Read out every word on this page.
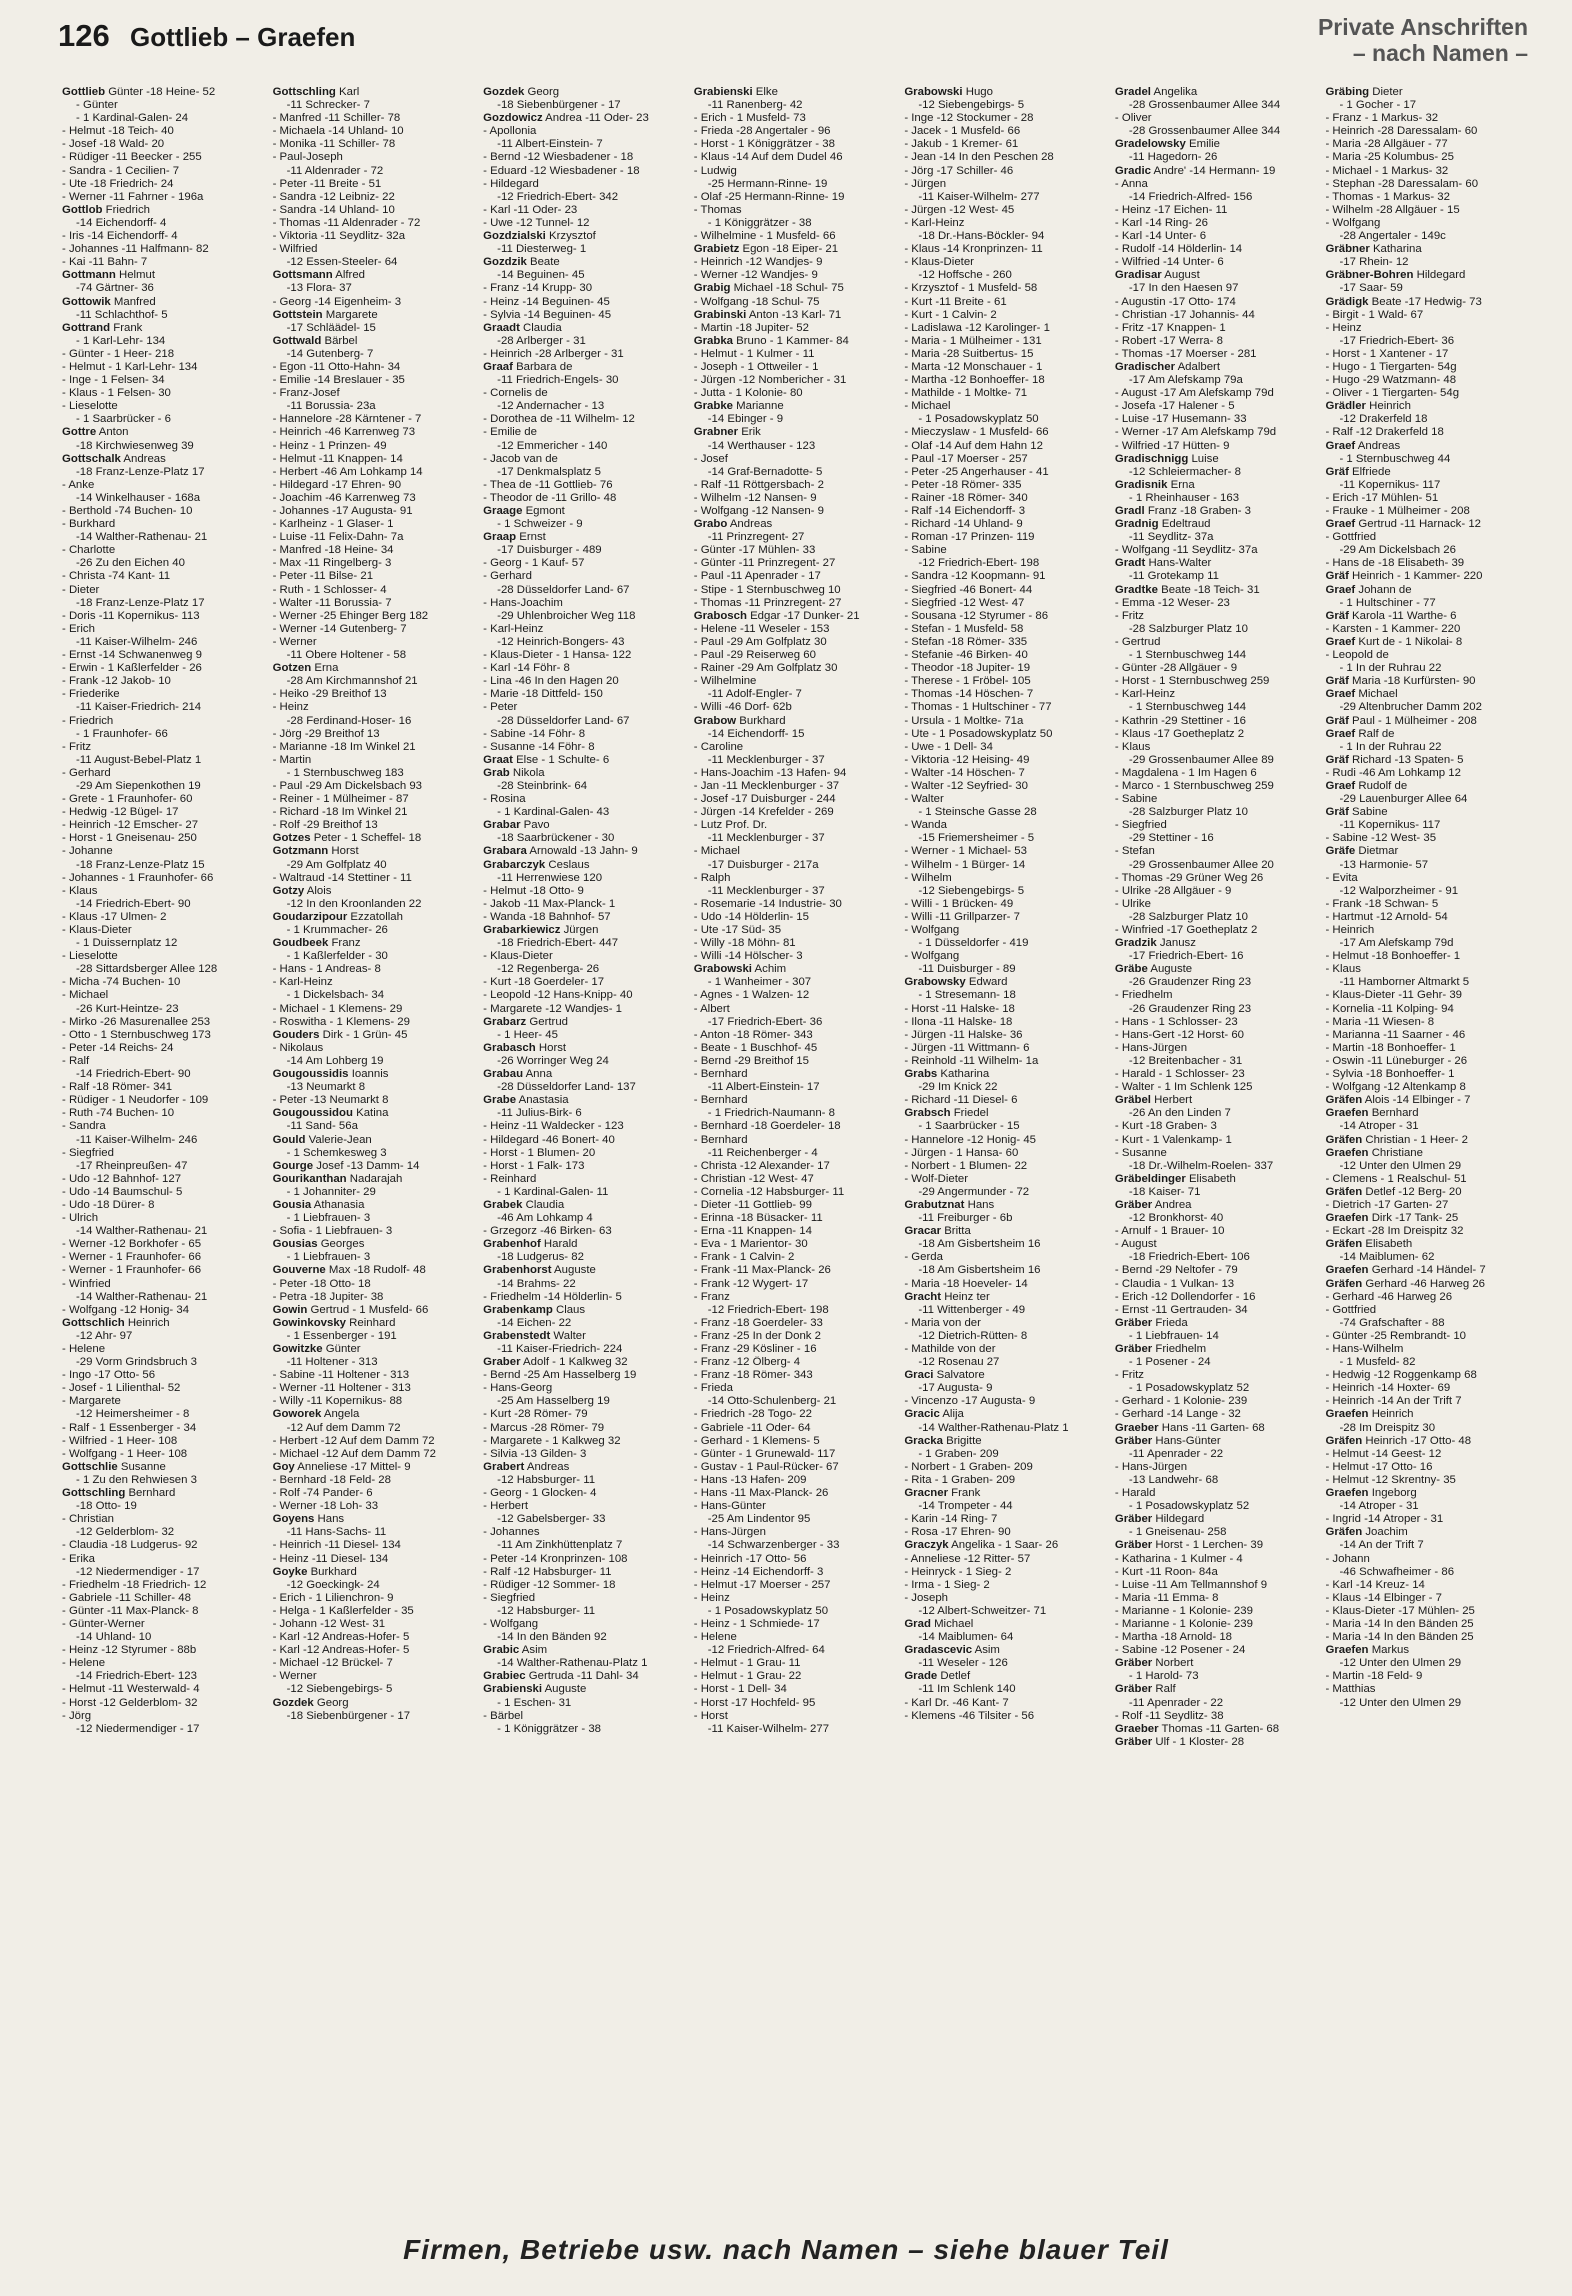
126 Gottlieb – Graefen	Private Anschriften
– nach Namen –
Gottlieb Günter -18 Heine- 52
- Günter
- 1 Kardinal-Galen- 24
- Helmut -18 Teich- 40
- Josef -18 Wald- 20
- Rüdiger -11 Beecker - 255
- Sandra - 1 Cecilien- 7
- Ute -18 Friedrich- 24
- Werner -11 Fahrner - 196a
Gottlob Friedrich
-14 Eichendorff- 4
- Iris -14 Eichendorff- 4
- Johannes -11 Halfmann- 82
- Kai -11 Bahn- 7
Gottmann Helmut
-74 Gärtner- 36
Gottowik Manfred
-11 Schlachthof- 5
Gottrand Frank
- 1 Karl-Lehr- 134
- Günter - 1 Heer- 218
- Helmut - 1 Karl-Lehr- 134
- Inge - 1 Felsen- 34
- Klaus - 1 Felsen- 30
- Lieselotte
- 1 Saarbrücker - 6
Gottre Anton
-18 Kirchwiesenweg 39
Gottschalk Andreas
-18 Franz-Lenze-Platz 17
- Anke
-14 Winkelhauser - 168a
- Berthold -74 Buchen- 10
- Burkhard
-14 Walther-Rathenau- 21
- Charlotte
-26 Zu den Eichen 40
- Christa -74 Kant- 11
- Dieter
-18 Franz-Lenze-Platz 17
- Doris -11 Kopernikus- 113
- Erich
-11 Kaiser-Wilhelm- 246
- Ernst -14 Schwanenweg 9
- Erwin - 1 Kaßlerfelder - 26
- Frank -12 Jakob- 10
- Friederike
-11 Kaiser-Friedrich- 214
- Friedrich
- 1 Fraunhofer- 66
- Fritz
-11 August-Bebel-Platz 1
- Gerhard
-29 Am Siepenkothen 19
- Grete - 1 Fraunhofer- 60
- Hedwig -12 Bügel- 17
- Heinrich -12 Emscher- 27
- Horst - 1 Gneisenau- 250
- Johanne
-18 Franz-Lenze-Platz 15
- Johannes - 1 Fraunhofer- 66
- Klaus
-14 Friedrich-Ebert- 90
- Klaus -17 Ulmen- 2
- Klaus-Dieter
- 1 Duissernplatz 12
- Lieselotte
-28 Sittardsberger Allee 128
- Micha -74 Buchen- 10
- Michael
-26 Kurt-Heintze- 23
- Mirko -26 Masurenallee 253
- Otto - 1 Sternbuschweg 173
- Peter -14 Reichs- 24
- Ralf
-14 Friedrich-Ebert- 90
- Ralf -18 Römer- 341
- Rüdiger - 1 Neudorfer - 109
- Ruth -74 Buchen- 10
- Sandra
-11 Kaiser-Wilhelm- 246
- Siegfried
-17 Rheinpreußen- 47
- Udo -12 Bahnhof- 127
- Udo -14 Baumschul- 5
- Udo -18 Dürer- 8
- Ulrich
-14 Walther-Rathenau- 21
- Werner -12 Borkhofer - 65
- Werner - 1 Fraunhofer- 66
- Werner - 1 Fraunhofer- 66
- Winfried
-14 Walther-Rathenau- 21
- Wolfgang -12 Honig- 34
Gottschlich Heinrich
-12 Ahr- 97
- Helene
-29 Vorm Grindsbruch 3
- Ingo -17 Otto- 56
- Josef - 1 Lilienthal- 52
- Margarete
-12 Heimersheimer - 8
- Ralf - 1 Essenberger - 34
- Wilfried - 1 Heer- 108
- Wolfgang - 1 Heer- 108
Gottschlie Susanne
- 1 Zu den Rehwiesen 3
Gottschling Bernhard
-18 Otto- 19
- Christian
-12 Gelderblom- 32
- Claudia -18 Ludgerus- 92
- Erika
-12 Niedermendiger - 17
- Friedhelm -18 Friedrich- 12
- Gabriele -11 Schiller- 48
- Günter -11 Max-Planck- 8
- Günter-Werner
-14 Uhland- 10
- Heinz -12 Styrumer - 88b
- Helene
-14 Friedrich-Ebert- 123
- Helmut -11 Westerwald- 4
- Horst -12 Gelderblom- 32
- Jörg
-12 Niedermendiger - 17
Gottschling Karl
-11 Schrecker- 7
- Manfred -11 Schiller- 78
- Michaela -14 Uhland- 10
- Monika -11 Schiller- 78
- Paul-Joseph
-11 Aldenrader - 72
- Peter -11 Breite - 51
- Sandra -12 Leibniz- 22
- Sandra -14 Uhland- 10
- Thomas -11 Aldenrader - 72
- Viktoria -11 Seydlitz- 32a
- Wilfried
-12 Essen-Steeler- 64
Gottsmann Alfred
-13 Flora- 37
- Georg -14 Eigenheim- 3
Gottstein Margarete
-17 Schläädel- 15
Gottwald Bärbel
-14 Gutenberg- 7
- Egon -11 Otto-Hahn- 34
- Emilie -14 Breslauer - 35
- Franz-Josef
-11 Borussia- 23a
- Hannelore -28 Kärntener - 7
- Heinrich -46 Karrenweg 73
- Heinz - 1 Prinzen- 49
- Helmut -11 Knappen- 14
- Herbert -46 Am Lohkamp 14
- Hildegard -17 Ehren- 90
- Joachim -46 Karrenweg 73
- Johannes -17 Augusta- 91
- Karlheinz - 1 Glaser- 1
- Luise -11 Felix-Dahn- 7a
- Manfred -18 Heine- 34
- Max -11 Ringelberg- 3
- Peter -11 Bilse- 21
- Ruth - 1 Schlosser- 4
- Walter -11 Borussia- 7
- Werner -25 Ehinger Berg 182
- Werner -14 Gutenberg- 7
- Werner
-11 Obere Holtener - 58
Gotzen Erna
-28 Am Kirchmannshof 21
- Heiko -29 Breithof 13
- Heinz
-28 Ferdinand-Hoser- 16
- Jörg -29 Breithof 13
- Marianne -18 Im Winkel 21
- Martin
- 1 Sternbuschweg 183
- Paul -29 Am Dickelsbach 93
- Reiner - 1 Mülheimer - 87
- Richard -18 Im Winkel 21
- Rolf -29 Breithof 13
Gotzes Peter - 1 Scheffel- 18
Gotzmann Horst
-29 Am Golfplatz 40
- Waltraud -14 Stettiner - 11
Gotzy Alois
-12 In den Kroonlanden 22
Goudarzipour Ezzatollah
- 1 Krummacher- 26
Goudbeek Franz
- 1 Kaßlerfelder - 30
- Hans - 1 Andreas- 8
- Karl-Heinz
- 1 Dickelsbach- 34
- Michael - 1 Klemens- 29
- Roswitha - 1 Klemens- 29
Gouders Dirk - 1 Grün- 45
- Nikolaus
-14 Am Lohberg 19
Gougoussidis Ioannis
-13 Neumarkt 8
- Peter -13 Neumarkt 8
Gougoussidou Katina
-11 Sand- 56a
Gould Valerie-Jean
- 1 Schemkesweg 3
Gourge Josef -13 Damm- 14
Gourikanthan Nadarajah
- 1 Johanniter- 29
Gousia Athanasia
- 1 Liebfrauen- 3
- Sofia - 1 Liebfrauen- 3
Gousias Georges
- 1 Liebfrauen- 3
Gouverne Max -18 Rudolf- 48
- Peter -18 Otto- 18
- Petra -18 Jupiter- 38
Gowin Gertrud - 1 Musfeld- 66
Gowinkovsky Reinhard
- 1 Essenberger - 191
Gowitzke Günter
-11 Holtener - 313
- Sabine -11 Holtener - 313
- Werner -11 Holtener - 313
- Willy -11 Kopernikus- 88
Goworek Angela
-12 Auf dem Damm 72
- Herbert -12 Auf dem Damm 72
- Michael -12 Auf dem Damm 72
Goy Anneliese -17 Mittel- 9
- Bernhard -18 Feld- 28
- Rolf -74 Pander- 6
- Werner -18 Loh- 33
Goyens Hans
-11 Hans-Sachs- 11
- Heinrich -11 Diesel- 134
- Heinz -11 Diesel- 134
Goyke Burkhard
-12 Goeckingk- 24
- Erich - 1 Lilienchron- 9
- Helga - 1 Kaßlerfelder - 35
- Johann -12 West- 31
- Karl -12 Andreas-Hofer- 5
- Karl -12 Andreas-Hofer- 5
- Michael -12 Brückel- 7
- Werner
-12 Siebengebirgs- 5
Gozdek Georg
-18 Siebenbürgener - 17
Gozdek Georg
-18 Siebenbürgener - 17
Gozdowicz Andrea -11 Oder- 23
- Apollonia
-11 Albert-Einstein- 7
- Bernd -12 Wiesbadener - 18
- Eduard -12 Wiesbadener - 18
- Hildegard
-12 Friedrich-Ebert- 342
- Karl -11 Oder- 23
- Uwe -12 Tunnel- 12
Gozdzialski Krzysztof
-11 Diesterweg- 1
Gozdzik Beate
-14 Beguinen- 45
- Franz -14 Krupp- 30
- Heinz -14 Beguinen- 45
- Sylvia -14 Beguinen- 45
Graadt Claudia
-28 Arlberger - 31
- Heinrich -28 Arlberger - 31
Graaf Barbara de
-11 Friedrich-Engels- 30
- Cornelis de
-12 Andernacher - 13
- Dorothea de -11 Wilhelm- 12
- Emilie de
-12 Emmericher - 140
- Jacob van de
-17 Denkmalsplatz 5
- Thea de -11 Gottlieb- 76
- Theodor de -11 Grillo- 48
Graage Egmont
- 1 Schweizer - 9
Graap Ernst
-17 Duisburger - 489
- Georg - 1 Kauf- 57
- Gerhard
-28 Düsseldorfer Land- 67
- Hans-Joachim
-29 Uhlenbroicher Weg 118
- Karl-Heinz
-12 Heinrich-Bongers- 43
- Klaus-Dieter - 1 Hansa- 122
- Karl -14 Föhr- 8
- Lina -46 In den Hagen 20
- Marie -18 Dittfeld- 150
- Peter
-28 Düsseldorfer Land- 67
- Sabine -14 Föhr- 8
- Susanne -14 Föhr- 8
Graat Else - 1 Schulte- 6
Grab Nikola
-28 Steinbrink- 64
- Rosina
- 1 Kardinal-Galen- 43
Grabar Pavo
-18 Saarbrückener - 30
Grabara Arnowald -13 Jahn- 9
Grabarczyk Ceslaus
-11 Herrenwiese 120
- Helmut -18 Otto- 9
- Jakob -11 Max-Planck- 1
- Wanda -18 Bahnhof- 57
Grabarkiewicz Jürgen
-18 Friedrich-Ebert- 447
- Klaus-Dieter
-12 Regenberga- 26
- Kurt -18 Goerdeler- 17
- Leopold -12 Hans-Knipp- 40
- Margarete -12 Wandjes- 1
Grabarz Gertrud
- 1 Heer- 45
Grabasch Horst
-26 Worringer Weg 24
Grabau Anna
-28 Düsseldorfer Land- 137
Grabe Anastasia
-11 Julius-Birk- 6
- Heinz -11 Waldecker - 123
- Hildegard -46 Bonert- 40
- Horst - 1 Blumen- 20
- Horst - 1 Falk- 173
- Reinhard
- 1 Kardinal-Galen- 11
Grabek Claudia
-46 Am Lohkamp 4
- Grzegorz -46 Birken- 63
Grabenhof Harald
-18 Ludgerus- 82
Grabenhorst Auguste
-14 Brahms- 22
- Friedhelm -14 Hölderlin- 5
Grabenkamp Claus
-14 Eichen- 22
Grabenstedt Walter
-11 Kaiser-Friedrich- 224
Graber Adolf - 1 Kalkweg 32
- Bernd -25 Am Hasselberg 19
- Hans-Georg
-25 Am Hasselberg 19
- Kurt -28 Römer- 79
- Marcus -28 Römer- 79
- Margarete - 1 Kalkweg 32
- Silvia -13 Gilden- 3
Grabert Andreas
-12 Habsburger- 11
- Georg - 1 Glocken- 4
- Herbert
-12 Gabelsberger- 33
- Johannes
-11 Am Zinkhüttenplatz 7
- Peter -14 Kronprinzen- 108
- Ralf -12 Habsburger- 11
- Rüdiger -12 Sommer- 18
- Siegfried
-12 Habsburger- 11
- Wolfgang
-14 In den Bänden 92
Grabic Asim
-14 Walther-Rathenau-Platz 1
Grabiec Gertruda -11 Dahl- 34
Grabienski Auguste
- 1 Eschen- 31
- Bärbel
- 1 Königgrätzer - 38
Grabienski Elke
-11 Ranenberg- 42
- Erich - 1 Musfeld- 73
- Frieda -28 Angertaler - 96
- Horst - 1 Königgrätzer - 38
- Klaus -14 Auf dem Dudel 46
- Ludwig
-25 Hermann-Rinne- 19
- Olaf -25 Hermann-Rinne- 19
- Thomas
- 1 Königgrätzer - 38
- Wilhelmine - 1 Musfeld- 66
Grabietz Egon -18 Eiper- 21
- Heinrich -12 Wandjes- 9
- Werner -12 Wandjes- 9
Grabig Michael -18 Schul- 75
- Wolfgang -18 Schul- 75
Grabinski Anton -13 Karl- 71
- Martin -18 Jupiter- 52
Grabka Bruno - 1 Kammer- 84
- Helmut - 1 Kulmer - 11
- Joseph - 1 Ottweiler - 1
- Jürgen -12 Nombericher - 31
- Jutta - 1 Kolonie- 80
Grabke Marianne
-14 Ebinger - 9
Grabner Erik
-14 Werthauser - 123
- Josef
-14 Graf-Bernadotte- 5
- Ralf -11 Röttgersbach- 2
- Wilhelm -12 Nansen- 9
- Wolfgang -12 Nansen- 9
Grabo Andreas
-11 Prinzregent- 27
- Günter -17 Mühlen- 33
- Günter -11 Prinzregent- 27
- Paul -11 Apenrader - 17
- Stipe - 1 Sternbuschweg 10
- Thomas -11 Prinzregent- 27
Grabosch Edgar -17 Dunker- 21
- Helene -11 Weseler - 153
- Paul -29 Am Golfplatz 30
- Paul -29 Reiserweg 60
- Rainer -29 Am Golfplatz 30
- Wilhelmine
-11 Adolf-Engler- 7
- Willi -46 Dorf- 62b
Grabow Burkhard
-14 Eichendorff- 15
- Caroline
-11 Mecklenburger - 37
- Hans-Joachim -13 Hafen- 94
- Jan -11 Mecklenburger - 37
- Josef -17 Duisburger - 244
- Jürgen -14 Krefelder - 269
- Lutz Prof. Dr.
-11 Mecklenburger - 37
- Michael
-17 Duisburger - 217a
- Ralph
-11 Mecklenburger - 37
- Rosemarie -14 Industrie- 30
- Udo -14 Hölderlin- 15
- Ute -17 Süd- 35
- Willy -18 Möhn- 81
- Willi -14 Hölscher- 3
Grabowski Achim
- 1 Wanheimer - 307
- Agnes - 1 Walzen- 12
- Albert
-17 Friedrich-Ebert- 36
- Anton -18 Römer- 343
- Beate - 1 Buschhof- 45
- Bernd -29 Breithof 15
- Bernhard
-11 Albert-Einstein- 17
- Bernhard
- 1 Friedrich-Naumann- 8
- Bernhard -18 Goerdeler- 18
- Bernhard
-11 Reichenberger - 4
- Christa -12 Alexander- 17
- Christian -12 West- 47
- Cornelia -12 Habsburger- 11
- Dieter -11 Gottlieb- 99
- Erinna -18 Büsacker- 11
- Erna -11 Knappen- 14
- Eva - 1 Marientor- 30
- Frank - 1 Calvin- 2
- Frank -11 Max-Planck- 26
- Frank -12 Wygert- 17
- Franz
-12 Friedrich-Ebert- 198
- Franz -18 Goerdeler- 33
- Franz -25 In der Donk 2
- Franz -29 Kösliner - 16
- Franz -12 Ölberg- 4
- Franz -18 Römer- 343
- Frieda
-14 Otto-Schulenberg- 21
- Friedrich -28 Togo- 22
- Gabriele -11 Oder- 64
- Gerhard - 1 Klemens- 5
- Günter - 1 Grunewald- 117
- Gustav - 1 Paul-Rücker- 67
- Hans -13 Hafen- 209
- Hans -11 Max-Planck- 26
- Hans-Günter
-25 Am Lindentor 95
- Hans-Jürgen
-14 Schwarzenberger - 33
- Heinrich -17 Otto- 56
- Heinz -14 Eichendorff- 3
- Helmut -17 Moerser - 257
- Heinz
- 1 Posadowskyplatz 50
- Heinz - 1 Schmiede- 17
- Helene
-12 Friedrich-Alfred- 64
- Helmut - 1 Grau- 11
- Helmut - 1 Grau- 22
- Horst - 1 Dell- 34
- Horst -17 Hochfeld- 95
- Horst
-11 Kaiser-Wilhelm- 277
Grabowski Hugo
-12 Siebengebirgs- 5
- Inge -12 Stockumer - 28
- Jacek - 1 Musfeld- 66
- Jakub - 1 Kremer- 61
- Jean -14 In den Peschen 28
- Jörg -17 Schiller- 46
- Jürgen
-11 Kaiser-Wilhelm- 277
- Jürgen -12 West- 45
- Karl-Heinz
-18 Dr.-Hans-Böckler- 94
- Klaus -14 Kronprinzen- 11
- Klaus-Dieter
-12 Hoffsche - 260
- Krzysztof - 1 Musfeld- 58
- Kurt -11 Breite - 61
- Kurt - 1 Calvin- 2
- Ladislawa -12 Karolinger- 1
- Maria - 1 Mülheimer - 131
- Maria -28 Suitbertus- 15
- Marta -12 Monschauer - 1
- Martha -12 Bonhoeffer- 18
- Mathilde - 1 Moltke- 71
- Michael
- 1 Posadowskyplatz 50
- Mieczyslaw - 1 Musfeld- 66
- Olaf -14 Auf dem Hahn 12
- Paul -17 Moerser - 257
- Peter -25 Angerhauser - 41
- Peter -18 Römer- 335
- Rainer -18 Römer- 340
- Ralf -14 Eichendorff- 3
- Richard -14 Uhland- 9
- Roman -17 Prinzen- 119
- Sabine
-12 Friedrich-Ebert- 198
- Sandra -12 Koopmann- 91
- Siegfried -46 Bonert- 44
- Siegfried -12 West- 47
- Sousana -12 Styrumer - 86
- Stefan - 1 Musfeld- 58
- Stefan -18 Römer- 335
- Stefanie -46 Birken- 40
- Theodor -18 Jupiter- 19
- Therese - 1 Fröbel- 105
- Thomas -14 Höschen- 7
- Thomas - 1 Hultschiner - 77
- Ursula - 1 Moltke- 71a
- Ute - 1 Posadowskyplatz 50
- Uwe - 1 Dell- 34
- Viktoria -12 Heising- 49
- Walter -14 Höschen- 7
- Walter -12 Seyfried- 30
- Walter
- 1 Steinsche Gasse 28
- Wanda
-15 Friemersheimer - 5
- Werner - 1 Michael- 53
- Wilhelm - 1 Bürger- 14
- Wilhelm
-12 Siebengebirgs- 5
- Willi - 1 Brücken- 49
- Willi -11 Grillparzer- 7
- Wolfgang
- 1 Düsseldorfer - 419
- Wolfgang
-11 Duisburger - 89
Grabowsky Edward
- 1 Stresemann- 18
- Horst -11 Halske- 18
- Ilona -11 Halske- 18
- Jürgen -11 Halske- 36
- Jürgen -11 Wittmann- 6
- Reinhold -11 Wilhelm- 1a
Grabs Katharina
-29 Im Knick 22
- Richard -11 Diesel- 6
Grabsch Friedel
- 1 Saarbrücker - 15
- Hannelore -12 Honig- 45
- Jürgen - 1 Hansa- 60
- Norbert - 1 Blumen- 22
- Wolf-Dieter
-29 Angermunder - 72
Grabutznat Hans
-11 Freiburger - 6b
Gracar Britta
-18 Am Gisbertsheim 16
- Gerda
-18 Am Gisbertsheim 16
- Maria -18 Hoeveler- 14
Gracht Heinz ter
-11 Wittenberger - 49
- Maria von der
-12 Dietrich-Rütten- 8
- Mathilde von der
-12 Rosenau 27
Graci Salvatore
-17 Augusta- 9
- Vincenzo -17 Augusta- 9
Gracic Alija
-14 Walther-Rathenau-Platz 1
Gracka Brigitte
- 1 Graben- 209
- Norbert - 1 Graben- 209
- Rita - 1 Graben- 209
Gracner Frank
-14 Trompeter - 44
- Karin -14 Ring- 7
- Rosa -17 Ehren- 90
Graczyk Angelika - 1 Saar- 26
- Anneliese -12 Ritter- 57
- Heinryck - 1 Sieg- 2
- Irma - 1 Sieg- 2
- Joseph
-12 Albert-Schweitzer- 71
Grad Michael
-14 Maiblumen- 64
Gradascevic Asim
-11 Weseler - 126
Grade Detlef
-11 Im Schlenk 140
- Karl Dr. -46 Kant- 7
- Klemens -46 Tilsiter - 56
Gradel Angelika
-28 Grossenbaumer Allee 344
- Oliver
-28 Grossenbaumer Allee 344
Gradelowsky Emilie
-11 Hagedorn- 26
Gradic Andre' -14 Hermann- 19
- Anna
-14 Friedrich-Alfred- 156
- Heinz -17 Eichen- 11
- Karl -14 Ring- 26
- Karl -14 Unter- 6
- Rudolf -14 Hölderlin- 14
- Wilfried -14 Unter- 6
Gradisar August
-17 In den Haesen 97
- Augustin -17 Otto- 174
- Christian -17 Johannis- 44
- Fritz -17 Knappen- 1
- Robert -17 Werra- 8
- Thomas -17 Moerser - 281
Gradischer Adalbert
-17 Am Alefskamp 79a
- August -17 Am Alefskamp 79d
- Josefa -17 Halener - 5
- Luise -17 Husemann- 33
- Werner -17 Am Alefskamp 79d
- Wilfried -17 Hütten- 9
Gradischnigg Luise
-12 Schleiermacher- 8
Gradisnik Erna
- 1 Rheinhauser - 163
Gradl Franz -18 Graben- 3
Gradnig Edeltraud
-11 Seydlitz- 37a
- Wolfgang -11 Seydlitz- 37a
Gradt Hans-Walter
-11 Grotekamp 11
Gradtke Beate -18 Teich- 31
- Emma -12 Weser- 23
- Fritz
-28 Salzburger Platz 10
- Gertrud
- 1 Sternbuschweg 144
- Günter -28 Allgäuer - 9
- Horst - 1 Sternbuschweg 259
- Karl-Heinz
- 1 Sternbuschweg 144
- Kathrin -29 Stettiner - 16
- Klaus -17 Goetheplatz 2
- Klaus
-29 Grossenbaumer Allee 89
- Magdalena - 1 Im Hagen 6
- Marco - 1 Sternbuschweg 259
- Sabine
-28 Salzburger Platz 10
- Siegfried
-29 Stettiner - 16
- Stefan
-29 Grossenbaumer Allee 20
- Thomas -29 Grüner Weg 26
- Ulrike -28 Allgäuer - 9
- Ulrike
-28 Salzburger Platz 10
- Winfried -17 Goetheplatz 2
Gradzik Janusz
-17 Friedrich-Ebert- 16
Gräbe Auguste
-26 Graudenzer Ring 23
- Friedhelm
-26 Graudenzer Ring 23
- Hans - 1 Schlosser- 23
- Hans-Gert -12 Horst- 60
- Hans-Jürgen
-12 Breitenbacher - 31
- Harald - 1 Schlosser- 23
- Walter - 1 Im Schlenk 125
Gräbel Herbert
-26 An den Linden 7
- Kurt -18 Graben- 3
- Kurt - 1 Valenkamp- 1
- Susanne
-18 Dr.-Wilhelm-Roelen- 337
Gräbeldinger Elisabeth
-18 Kaiser- 71
Gräber Andrea
-12 Bronkhorst- 40
- Arnulf - 1 Brauer- 10
- August
-18 Friedrich-Ebert- 106
- Bernd -29 Neltofer - 79
- Claudia - 1 Vulkan- 13
- Erich -12 Dollendorfer - 16
- Ernst -11 Gertrauden- 34
Gräber Frieda
- 1 Liebfrauen- 14
Gräber Friedhelm
- 1 Posener - 24
- Fritz
- 1 Posadowskyplatz 52
- Gerhard - 1 Kolonie- 239
- Gerhard -14 Lange - 32
Graeber Hans -11 Garten- 68
Gräber Hans-Günter
-11 Apenrader - 22
- Hans-Jürgen
-13 Landwehr- 68
- Harald
- 1 Posadowskyplatz 52
Gräber Hildegard
- 1 Gneisenau- 258
Gräber Horst - 1 Lerchen- 39
- Katharina - 1 Kulmer - 4
- Kurt -11 Roon- 84a
- Luise -11 Am Tellmannshof 9
- Maria -11 Emma- 8
- Marianne - 1 Kolonie- 239
- Marianne - 1 Kolonie- 239
- Martha -18 Arnold- 18
- Sabine -12 Posener - 24
Gräber Norbert
- 1 Harold- 73
Gräber Ralf
-11 Apenrader - 22
- Rolf -11 Seydlitz- 38
Graeber Thomas -11 Garten- 68
Gräber Ulf - 1 Kloster- 28
Gräbing Dieter
- 1 Gocher - 17
- Franz - 1 Markus- 32
- Heinrich -28 Daressalam- 60
- Maria -28 Allgäuer - 77
- Maria -25 Kolumbus- 25
- Michael - 1 Markus- 32
- Stephan -28 Daressalam- 60
- Thomas - 1 Markus- 32
- Wilhelm -28 Allgäuer - 15
- Wolfgang
-28 Angertaler - 149c
Gräbner Katharina
-17 Rhein- 12
Gräbner-Bohren Hildegard
-17 Saar- 59
Grädigk Beate -17 Hedwig- 73
- Birgit - 1 Wald- 67
- Heinz
-17 Friedrich-Ebert- 36
- Horst - 1 Xantener - 17
- Hugo - 1 Tiergarten- 54g
- Hugo -29 Watzmann- 48
- Oliver - 1 Tiergarten- 54g
Grädler Heinrich
-12 Drakerfeld 18
- Ralf -12 Drakerfeld 18
Graef Andreas
- 1 Sternbuschweg 44
Gräf Elfriede
-11 Kopernikus- 117
- Erich -17 Mühlen- 51
- Frauke - 1 Mülheimer - 208
Graef Gertrud -11 Harnack- 12
- Gottfried
-29 Am Dickelsbach 26
- Hans de -18 Elisabeth- 39
Gräf Heinrich - 1 Kammer- 220
Graef Johann de
- 1 Hultschiner - 77
Gräf Karola -11 Warthe- 6
- Karsten - 1 Kammer- 220
Graef Kurt de - 1 Nikolai- 8
- Leopold de
- 1 In der Ruhrau 22
Gräf Maria -18 Kurfürsten- 90
Graef Michael
-29 Altenbrucher Damm 202
Gräf Paul - 1 Mülheimer - 208
Graef Ralf de
- 1 In der Ruhrau 22
Gräf Richard -13 Spaten- 5
- Rudi -46 Am Lohkamp 12
Graef Rudolf de
-29 Lauenburger Allee 64
Gräf Sabine
-11 Kopernikus- 117
- Sabine -12 West- 35
Gräfe Dietmar
-13 Harmonie- 57
- Evita
-12 Walporzheimer - 91
- Frank -18 Schwan- 5
- Hartmut -12 Arnold- 54
- Heinrich
-17 Am Alefskamp 79d
- Helmut -18 Bonhoeffer- 1
- Klaus
-11 Hamborner Altmarkt 5
- Klaus-Dieter -11 Gehr- 39
- Kornelia -11 Kolping- 94
- Maria -11 Wiesen- 8
- Marianna -11 Saarner - 46
- Martin -18 Bonhoeffer- 1
- Oswin -11 Lüneburger - 26
- Sylvia -18 Bonhoeffer- 1
- Wolfgang -12 Altenkamp 8
Gräfen Alois -14 Elbinger - 7
Graefen Bernhard
-14 Atroper - 31
Gräfen Christian - 1 Heer- 2
Graefen Christiane
-12 Unter den Ulmen 29
- Clemens - 1 Realschul- 51
Gräfen Detlef -12 Berg- 20
- Dietrich -17 Garten- 27
Graefen Dirk -17 Tank- 25
- Eckart -28 Im Dreispitz 32
Gräfen Elisabeth
-14 Maiblumen- 62
Graefen Gerhard -14 Händel- 7
Gräfen Gerhard -46 Harweg 26
- Gerhard -46 Harweg 26
- Gottfried
-74 Grafschafter - 88
- Günter -25 Rembrandt- 10
- Hans-Wilhelm
- 1 Musfeld- 82
- Hedwig -12 Roggenkamp 68
- Heinrich -14 Hoxter- 69
- Heinrich -14 An der Trift 7
Graefen Heinrich
-28 Im Dreispitz 30
Gräfen Heinrich -17 Otto- 48
- Helmut -14 Geest- 12
- Helmut -17 Otto- 16
- Helmut -12 Skrentny- 35
Graefen Ingeborg
-14 Atroper - 31
- Ingrid -14 Atroper - 31
Gräfen Joachim
-14 An der Trift 7
- Johann
-46 Schwafheimer - 86
- Karl -14 Kreuz- 14
- Klaus -14 Elbinger - 7
- Klaus-Dieter -17 Mühlen- 25
- Maria -14 In den Bänden 25
- Maria -14 In den Bänden 25
Graefen Markus
-12 Unter den Ulmen 29
- Martin -18 Feld- 9
- Matthias
-12 Unter den Ulmen 29
Firmen, Betriebe usw. nach Namen – siehe blauer Teil
